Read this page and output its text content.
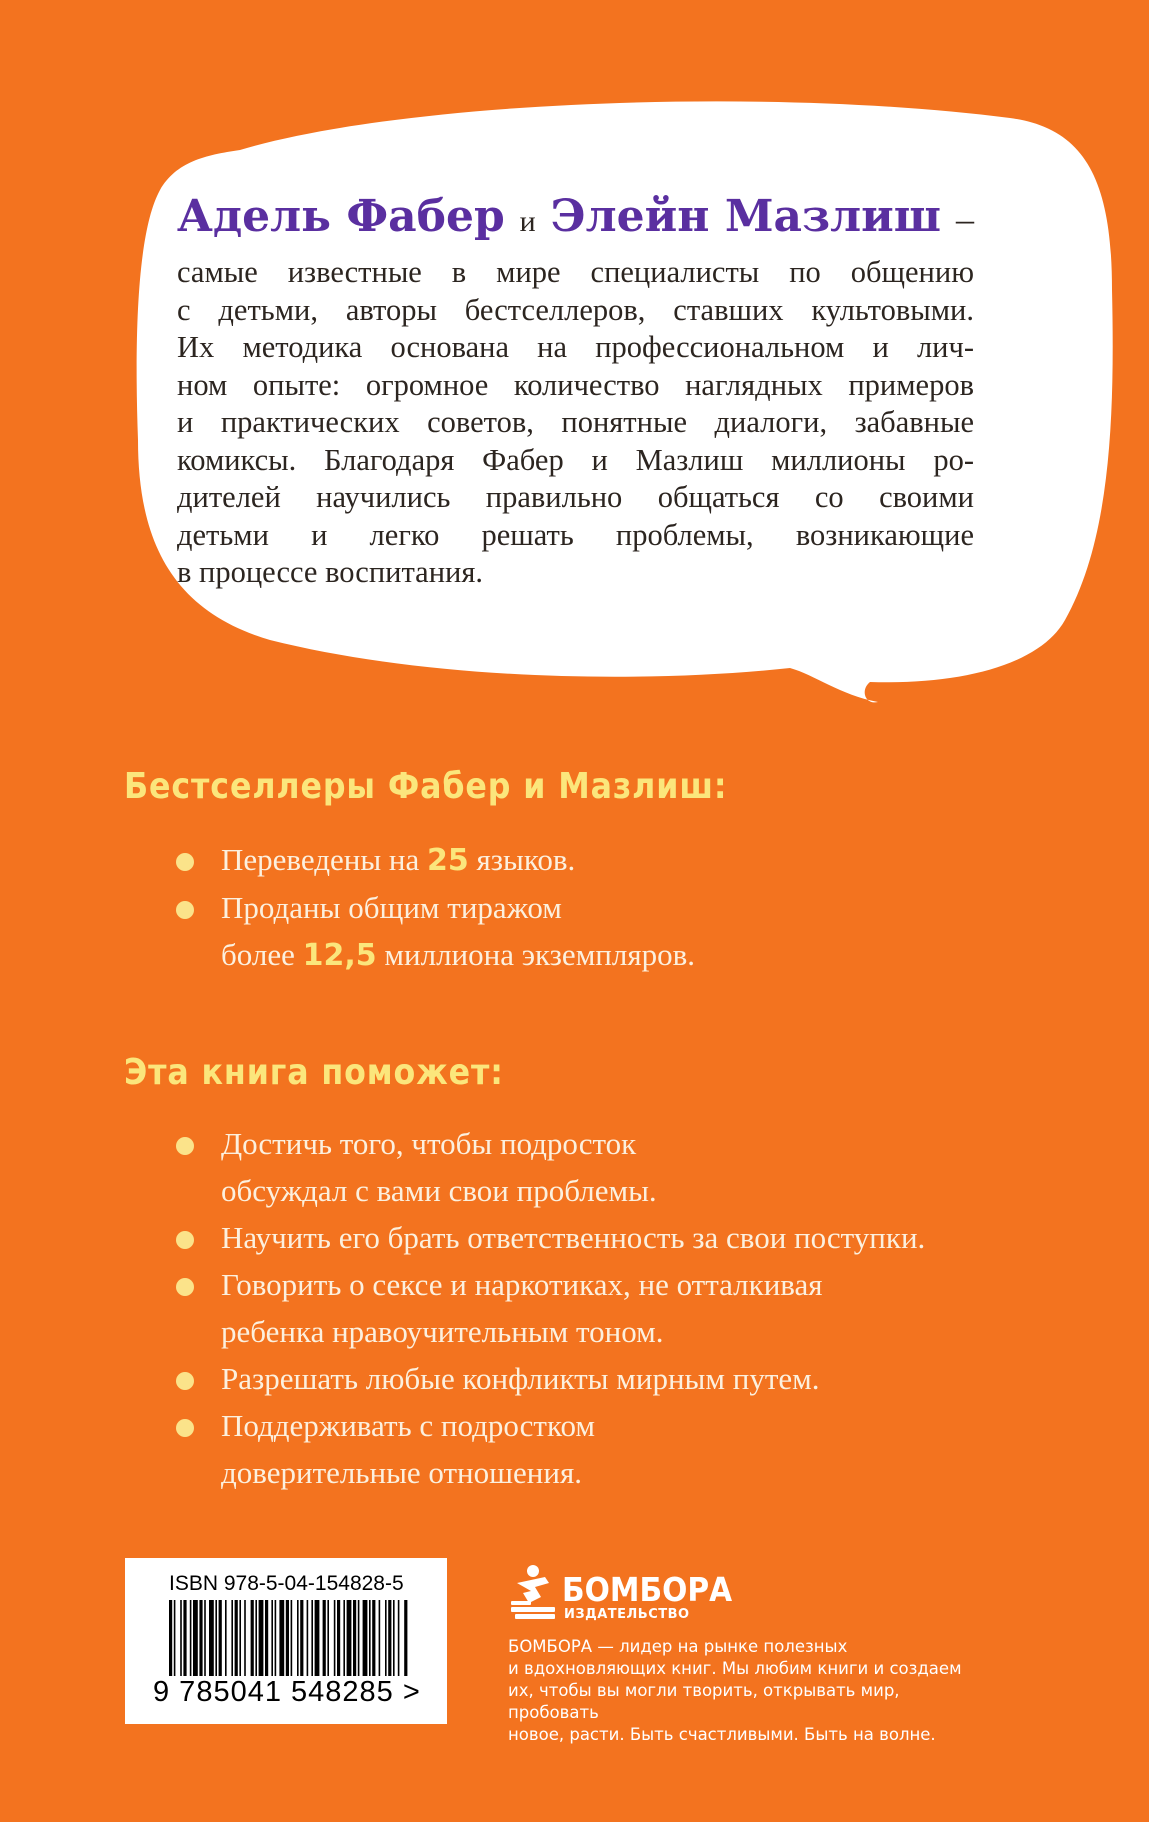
Адель Фабер и Элейн Мазлиш –
самые известные в мире специалисты по общению
с детьми, авторы бестселлеров, ставших культовыми.
Их методика основана на профессиональном и лич-
ном опыте: огромное количество наглядных примеров
и практических советов, понятные диалоги, забавные
комиксы. Благодаря Фабер и Мазлиш миллионы ро-
дителей научились правильно общаться со своими
детьми и легко решать проблемы, возникающие
в процессе воспитания.
Бестселлеры Фабер и Мазлиш:
Переведены на 25 языков.
Проданы общим тиражом
более 12,5 миллиона экземпляров.
Эта книга поможет:
Достичь того, чтобы подросток
обсуждал с вами свои проблемы.
Научить его брать ответственность за свои поступки.
Говорить о сексе и наркотиках, не отталкивая
ребенка нравоучительным тоном.
Разрешать любые конфликты мирным путем.
Поддерживать с подростком
доверительные отношения.
ISBN 978-5-04-154828-5
9 785041 548285 >
БОМБОРА
ИЗДАТЕЛЬСТВО
БОМБОРА — лидер на рынке полезных
и вдохновляющих книг. Мы любим книги и создаем
их, чтобы вы могли творить, открывать мир, пробовать
новое, расти. Быть счастливыми. Быть на волне.
